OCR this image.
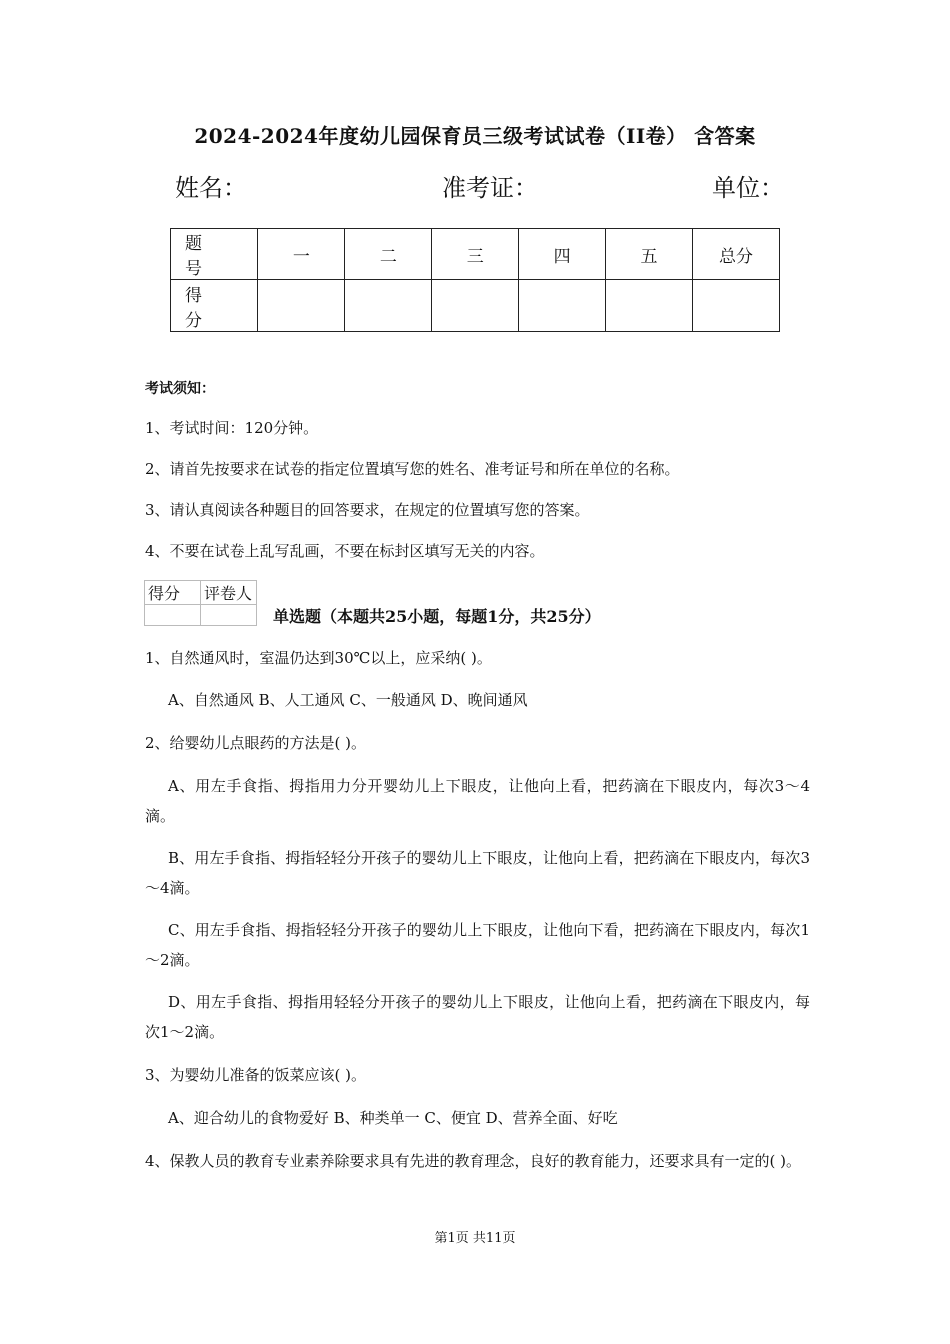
2024-2024年度幼儿园保育员三级考试试卷（II卷） 含答案
姓名：	准考证：	单位：
题号	一	二	三	四	五	总分
得分						
考试须知：
1、考试时间：120分钟。
2、请首先按要求在试卷的指定位置填写您的姓名、准考证号和所在单位的名称。
3、请认真阅读各种题目的回答要求，在规定的位置填写您的答案。
4、不要在试卷上乱写乱画，不要在标封区填写无关的内容。
得分	评卷人

单选题（本题共25小题，每题1分，共25分）
1、自然通风时，室温仍达到30℃以上，应采纳( )。
A、自然通风 B、人工通风 C、一般通风 D、晚间通风
2、给婴幼儿点眼药的方法是( )。
A、用左手食指、拇指用力分开婴幼儿上下眼皮，让他向上看，把药滴在下眼皮内，每次3～4滴。
B、用左手食指、拇指轻轻分开孩子的婴幼儿上下眼皮，让他向上看，把药滴在下眼皮内，每次3～4滴。
C、用左手食指、拇指轻轻分开孩子的婴幼儿上下眼皮，让他向下看，把药滴在下眼皮内，每次1～2滴。
D、用左手食指、拇指用轻轻分开孩子的婴幼儿上下眼皮，让他向上看，把药滴在下眼皮内，每次1～2滴。
3、为婴幼儿准备的饭菜应该( )。
A、迎合幼儿的食物爱好 B、种类单一 C、便宜 D、营养全面、好吃
4、保教人员的教育专业素养除要求具有先进的教育理念，良好的教育能力，还要求具有一定的( )。
第1页 共11页
